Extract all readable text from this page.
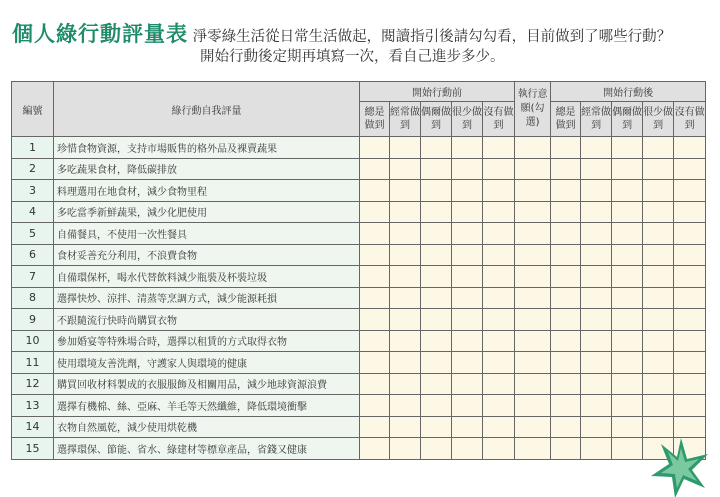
個人綠行動評量表 淨零綠生活從日常生活做起，閱讀指引後請勾勾看，目前做到了哪些行動？
開始行動後定期再填寫一次，看自己進步多少。
編號	綠行動自我評量	開始行動前					執行意願(勾選)	開始行動後				
		總是做到	經常做到	偶爾做到	很少做到	沒有做到		總是做到	經常做到	偶爾做到	很少做到	沒有做到
1	珍惜食物資源，支持市場販售的格外品及裸賣蔬果											
2	多吃蔬果食材，降低碳排放											
3	料理選用在地食材，減少食物里程											
4	多吃當季新鮮蔬果，減少化肥使用											
5	自備餐具，不使用一次性餐具											
6	食材妥善充分利用，不浪費食物											
7	自備環保杯，喝水代替飲料減少瓶裝及杯裝垃圾											
8	選擇快炒、涼拌、清蒸等烹調方式，減少能源耗損											
9	不跟隨流行快時尚購買衣物											
10	參加婚宴等特殊場合時，選擇以租賃的方式取得衣物											
11	使用環境友善洗劑，守護家人與環境的健康											
12	購買回收材料製成的衣服服飾及相關用品，減少地球資源浪費											
13	選擇有機棉、絲、亞麻、羊毛等天然纖維，降低環境衝擊											
14	衣物自然風乾，減少使用烘乾機											
15	選擇環保、節能、省水、綠建材等標章產品，省錢又健康											
